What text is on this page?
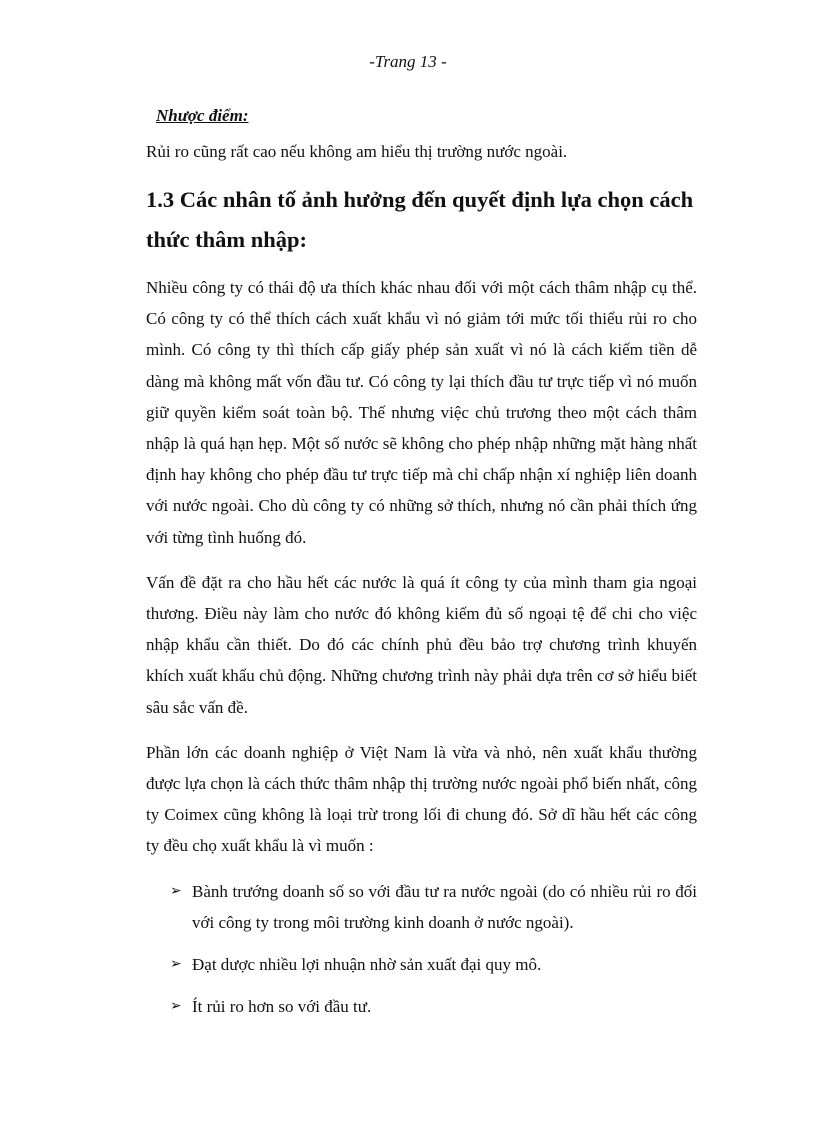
-Trang 13 -
Nhược điểm:

Rủi ro cũng rất cao nếu không am hiểu thị trường nước ngoài.

1.3 Các nhân tố ảnh hưởng đến quyết định lựa chọn cách thức thâm nhập:

Nhiều công ty có thái độ ưa thích khác nhau đối với một cách thâm nhập cụ thể. Có công ty có thể thích cách xuất khẩu vì nó giảm tới mức tối thiểu rủi ro cho mình. Có công ty thì thích cấp giấy phép sản xuất vì nó là cách kiếm tiền dễ dàng mà không mất vốn đầu tư. Có công ty lại thích đầu tư trực tiếp vì nó muốn giữ quyền kiểm soát toàn bộ. Thế nhưng việc chủ trương theo một cách thâm nhập là quá hạn hẹp. Một số nước sẽ không cho phép nhập những mặt hàng nhất định hay không cho phép đầu tư trực tiếp mà chỉ chấp nhận xí nghiệp liên doanh với nước ngoài. Cho dù công ty có những sở thích, nhưng nó cần phải thích ứng với từng tình huống đó.

Vấn đề đặt ra cho hầu hết các nước là quá ít công ty của mình tham gia ngoại thương. Điều này làm cho nước đó không kiếm đủ số ngoại tệ để chi cho việc nhập khẩu cần thiết. Do đó các chính phủ đều bảo trợ chương trình khuyến khích xuất khẩu chủ động. Những chương trình này phải dựa trên cơ sở hiểu biết sâu sắc vấn đề.

Phần lớn các doanh nghiệp ở Việt Nam là vừa và nhỏ, nên xuất khẩu thường được lựa chọn là cách thức thâm nhập thị trường nước ngoài phổ biến nhất, công ty Coimex cũng không là loại trừ trong lối đi chung đó. Sở dĩ hầu hết các công ty đều chọ xuất khẩu là vì muốn :

➢ Bành trướng doanh số so với đầu tư ra nước ngoài (do có nhiều rủi ro đối với công ty trong môi trường kinh doanh ở nước ngoài).
➢ Đạt dược nhiều lợi nhuận nhờ sản xuất đại quy mô.
➢ Ít rủi ro hơn so với đầu tư.
